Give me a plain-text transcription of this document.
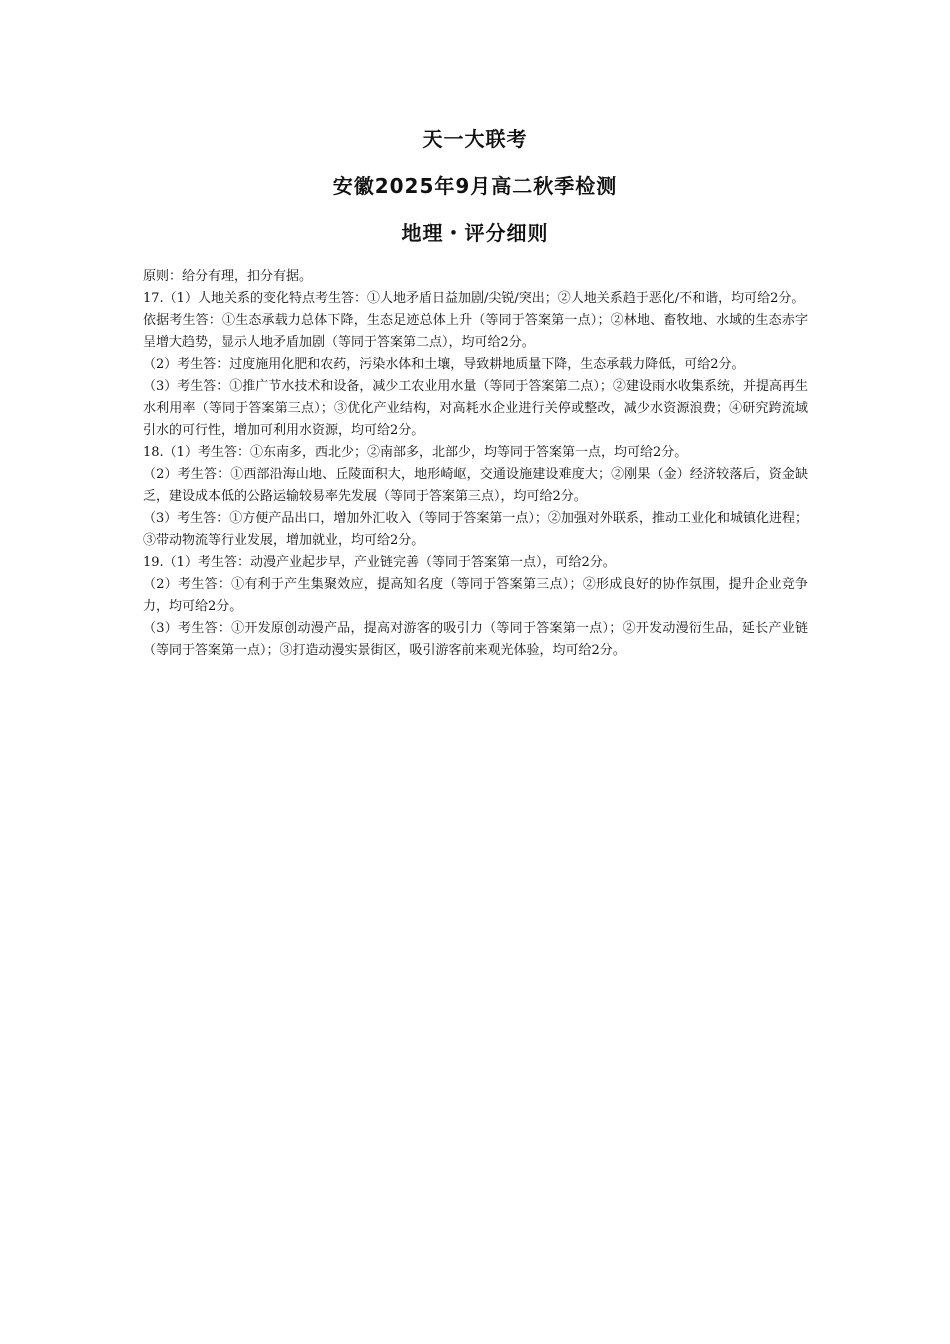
天一大联考
安徽2025年9月高二秋季检测
地理・评分细则

原则：给分有理，扣分有据。

17.（1）人地关系的变化特点考生答：①人地矛盾日益加剧/尖锐/突出；②人地关系趋于恶化/不和谐，均可给2分。

依据考生答：①生态承载力总体下降，生态足迹总体上升（等同于答案第一点）；②林地、畜牧地、水域的生态赤字呈增大趋势，显示人地矛盾加剧（等同于答案第二点），均可给2分。

（2）考生答：过度施用化肥和农药，污染水体和土壤，导致耕地质量下降，生态承载力降低，可给2分。

（3）考生答：①推广节水技术和设备，减少工农业用水量（等同于答案第二点）；②建设雨水收集系统，并提高再生水利用率（等同于答案第三点）；③优化产业结构，对高耗水企业进行关停或整改，减少水资源浪费；④研究跨流域引水的可行性，增加可利用水资源，均可给2分。

18.（1）考生答：①东南多，西北少；②南部多，北部少，均等同于答案第一点，均可给2分。

（2）考生答：①西部沿海山地、丘陵面积大，地形崎岖，交通设施建设难度大；②刚果（金）经济较落后，资金缺乏，建设成本低的公路运输较易率先发展（等同于答案第三点），均可给2分。

（3）考生答：①方便产品出口，增加外汇收入（等同于答案第一点）；②加强对外联系，推动工业化和城镇化进程；③带动物流等行业发展，增加就业，均可给2分。

19.（1）考生答：动漫产业起步早，产业链完善（等同于答案第一点），可给2分。

（2）考生答：①有利于产生集聚效应，提高知名度（等同于答案第三点）；②形成良好的协作氛围，提升企业竞争力，均可给2分。

（3）考生答：①开发原创动漫产品，提高对游客的吸引力（等同于答案第一点）；②开发动漫衍生品，延长产业链（等同于答案第一点）；③打造动漫实景街区，吸引游客前来观光体验，均可给2分。
